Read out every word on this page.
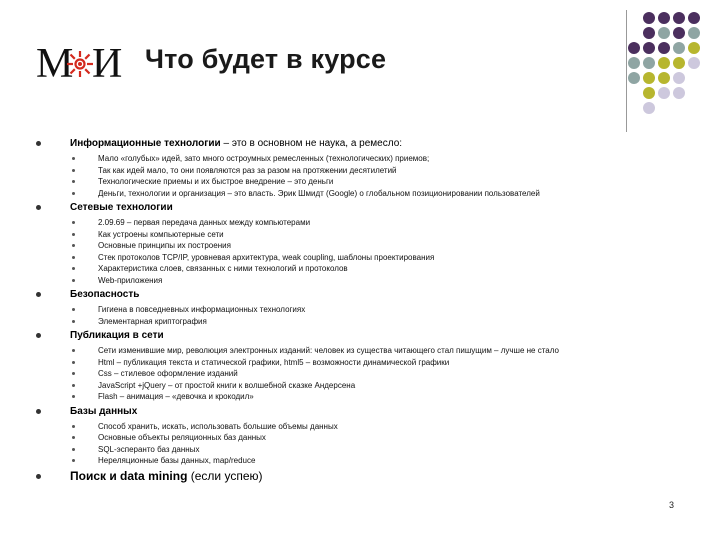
М И Что будет в курсе
Информационные технологии – это в основном не наука, а ремесло:
Мало «голубых» идей, зато много остроумных ремесленных (технологических) приемов;
Так как идей мало, то они появляются раз за разом на протяжении десятилетий
Технологические приемы и их быстрое внедрение – это деньги
Деньги, технологии и организация – это власть. Эрик Шмидт (Google) о глобальном позиционировании пользователей
Сетевые технологии
2.09.69 – первая передача данных между компьютерами
Как устроены компьютерные сети
Основные принципы их построения
Стек протоколов TCP/IP, уровневая архитектура, weak coupling, шаблоны проектирования
Характеристика слоев, связанных с ними технологий и протоколов
Web-приложения
Безопасность
Гигиена в повседневных информационных технологиях
Элементарная криптография
Публикация в сети
Сети изменившие мир, революция электронных изданий: человек из существа читающего стал пишущим – лучше не стало
Html – публикация текста и статической графики, html5 – возможности динамической графики
Css – стилевое оформление изданий
JavaScript +jQuery – от простой книги к волшебной сказке Андерсена
Flash – анимация – «девочка и крокодил»
Базы данных
Способ хранить, искать, использовать большие объемы данных
Основные объекты реляционных баз данных
SQL-эсперанто баз данных
Нереляционные базы данных, map/reduce
Поиск и data mining (если успею)
3
